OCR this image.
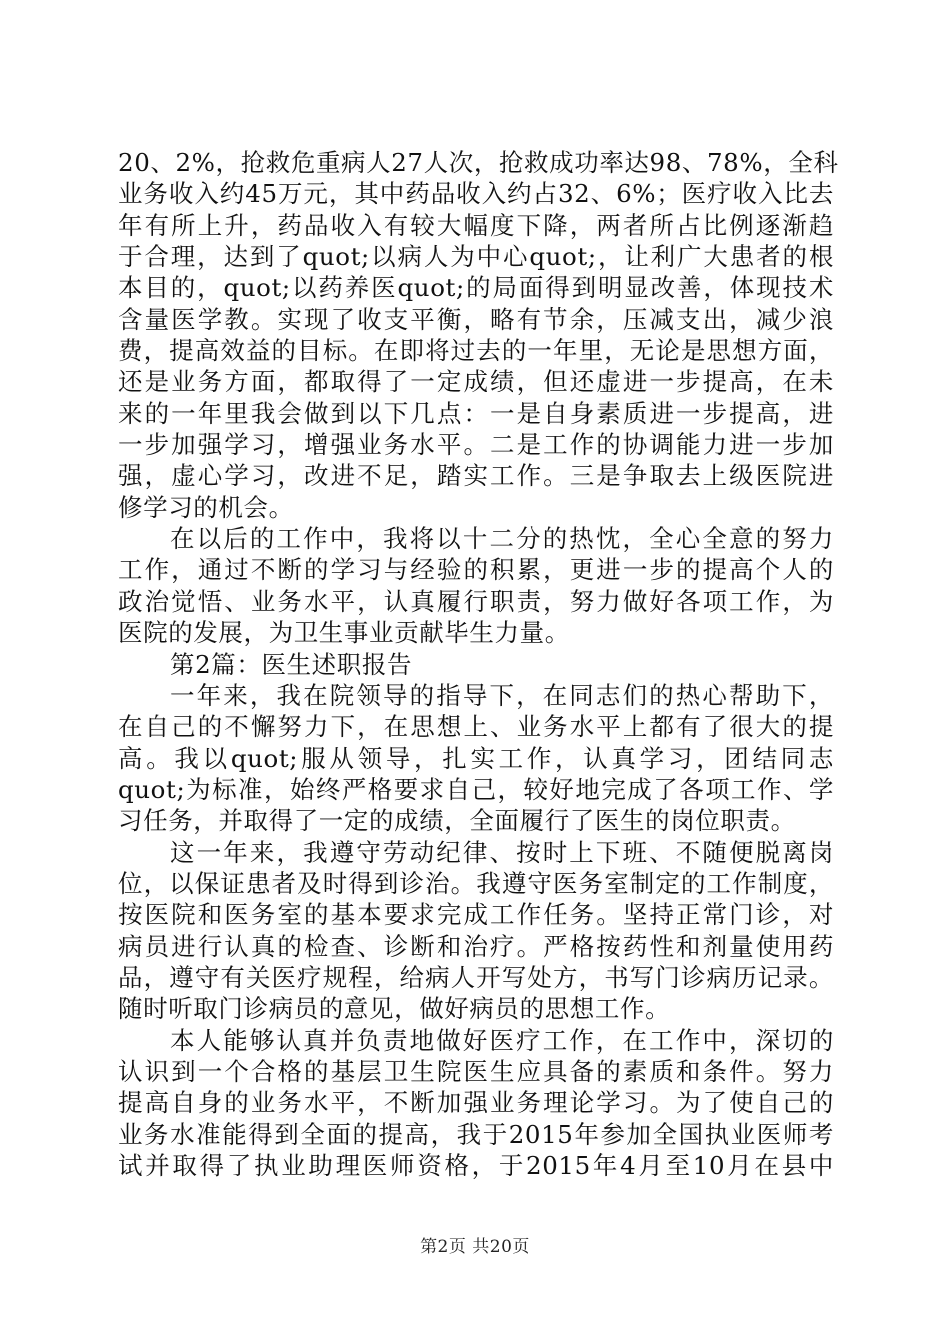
20、2%，抢救危重病人27人次，抢救成功率达98、78%，全科
业务收入约45万元，其中药品收入约占32、6%；医疗收入比去
年有所上升，药品收入有较大幅度下降，两者所占比例逐渐趋
于合理，达到了quot;以病人为中心quot;，让利广大患者的根
本目的，quot;以药养医quot;的局面得到明显改善，体现技术
含量医学教。实现了收支平衡，略有节余，压减支出，减少浪
费，提高效益的目标。在即将过去的一年里，无论是思想方面，
还是业务方面，都取得了一定成绩，但还虚进一步提高，在未
来的一年里我会做到以下几点：一是自身素质进一步提高，进
一步加强学习，增强业务水平。二是工作的协调能力进一步加
强，虚心学习，改进不足，踏实工作。三是争取去上级医院进
修学习的机会。
在以后的工作中，我将以十二分的热忱，全心全意的努力
工作，通过不断的学习与经验的积累，更进一步的提高个人的
政治觉悟、业务水平，认真履行职责，努力做好各项工作，为
医院的发展，为卫生事业贡献毕生力量。
第2篇：医生述职报告
一年来，我在院领导的指导下，在同志们的热心帮助下，
在自己的不懈努力下，在思想上、业务水平上都有了很大的提
高。我以quot;服从领导，扎实工作，认真学习，团结同志
quot;为标准，始终严格要求自己，较好地完成了各项工作、学
习任务，并取得了一定的成绩，全面履行了医生的岗位职责。
这一年来，我遵守劳动纪律、按时上下班、不随便脱离岗
位，以保证患者及时得到诊治。我遵守医务室制定的工作制度，
按医院和医务室的基本要求完成工作任务。坚持正常门诊，对
病员进行认真的检查、诊断和治疗。严格按药性和剂量使用药
品，遵守有关医疗规程，给病人开写处方，书写门诊病历记录。
随时听取门诊病员的意见，做好病员的思想工作。
本人能够认真并负责地做好医疗工作，在工作中，深切的
认识到一个合格的基层卫生院医生应具备的素质和条件。努力
提高自身的业务水平，不断加强业务理论学习。为了使自己的
业务水准能得到全面的提高，我于2015年参加全国执业医师考
试并取得了执业助理医师资格，于2015年4月至10月在县中
第2页 共20页
